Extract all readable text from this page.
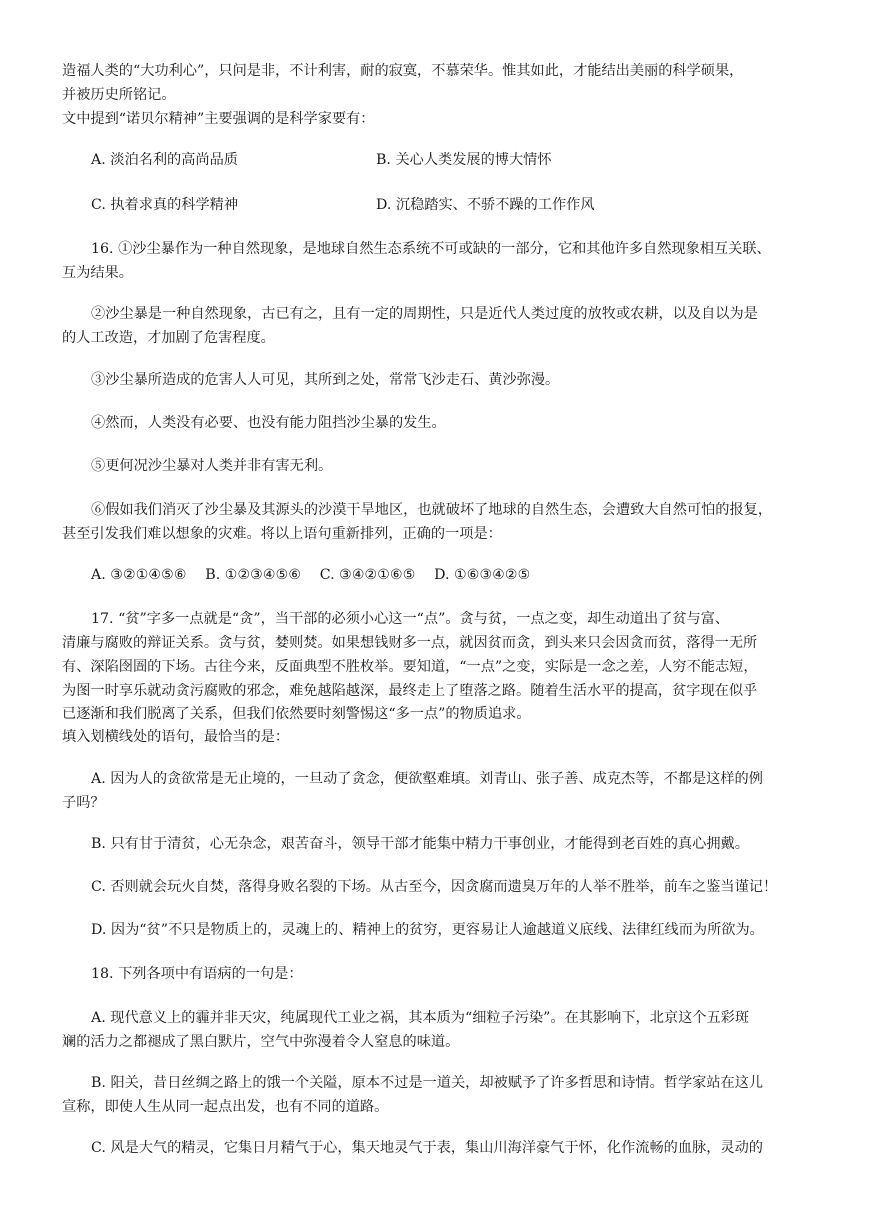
造福人类的“大功利心”，只问是非，不计利害，耐的寂寞，不慕荣华。惟其如此，才能结出美丽的科学硕果，
并被历史所铭记。
文中提到“诺贝尔精神”主要强调的是科学家要有：
A. 淡泊名利的高尚品质	B. 关心人类发展的博大情怀
C. 执着求真的科学精神	D. 沉稳踏实、不骄不躁的工作作风
16. ①沙尘暴作为一种自然现象，是地球自然生态系统不可或缺的一部分，它和其他许多自然现象相互关联、
互为结果。
②沙尘暴是一种自然现象，古已有之，且有一定的周期性，只是近代人类过度的放牧或农耕，以及自以为是
的人工改造，才加剧了危害程度。
③沙尘暴所造成的危害人人可见，其所到之处，常常飞沙走石、黄沙弥漫。
④然而，人类没有必要、也没有能力阻挡沙尘暴的发生。
⑤更何况沙尘暴对人类并非有害无利。
⑥假如我们消灭了沙尘暴及其源头的沙漠干旱地区，也就破坏了地球的自然生态，会遭致大自然可怕的报复，
甚至引发我们难以想象的灾难。将以上语句重新排列，正确的一项是：
A. ③②①④⑤⑥　 B. ①②③④⑤⑥　 C. ③④②①⑥⑤　 D. ①⑥③④②⑤
17. “贫”字多一点就是“贪”，当干部的必须小心这一“点”。贪与贫，一点之变，却生动道出了贫与富、
清廉与腐败的辩证关系。贪与贫，婪则焚。如果想钱财多一点，就因贫而贪，到头来只会因贪而贫，落得一无所
有、深陷囹圄的下场。古往今来，反面典型不胜枚举。要知道，“一点”之变，实际是一念之差，人穷不能志短，
为图一时享乐就动贪污腐败的邪念，难免越陷越深，最终走上了堕落之路。随着生活水平的提高，贫字现在似乎
已逐渐和我们脱离了关系，但我们依然要时刻警惕这“多一点”的物质追求。
填入划横线处的语句，最恰当的是：
A. 因为人的贪欲常是无止境的，一旦动了贪念，便欲壑难填。刘青山、张子善、成克杰等，不都是这样的例
子吗？
B. 只有甘于清贫，心无杂念，艰苦奋斗，领导干部才能集中精力干事创业，才能得到老百姓的真心拥戴。
C. 否则就会玩火自焚，落得身败名裂的下场。从古至今，因贪腐而遗臭万年的人举不胜举，前车之鉴当谨记！
D. 因为“贫”不只是物质上的，灵魂上的、精神上的贫穷，更容易让人逾越道义底线、法律红线而为所欲为。
18. 下列各项中有语病的一句是：
A. 现代意义上的霾并非天灾，纯属现代工业之祸，其本质为“细粒子污染”。在其影响下，北京这个五彩斑
斓的活力之都褪成了黑白默片，空气中弥漫着令人窒息的味道。
B. 阳关，昔日丝绸之路上的饿一个关隘，原本不过是一道关，却被赋予了许多哲思和诗情。哲学家站在这儿
宣称，即使人生从同一起点出发，也有不同的道路。
C. 风是大气的精灵，它集日月精气于心，集天地灵气于表，集山川海洋豪气于怀，化作流畅的血脉，灵动的
